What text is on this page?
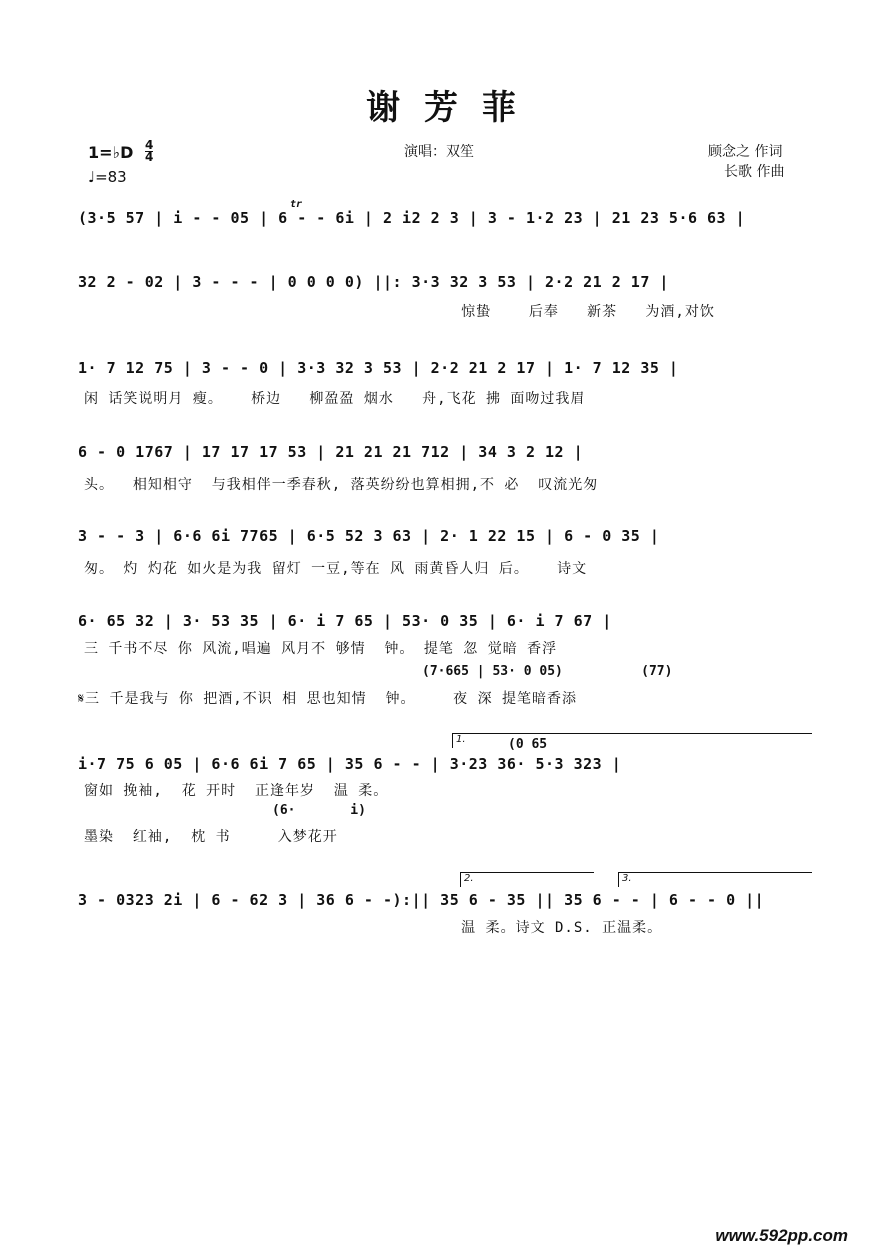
谢 芳 菲
1=♭D 4
4
♩=83
演唱：双笙	顾念之 作词
长歌 作曲
tr
(3·5 57 | i - - 05 | 6 - - 6i | 2 i2 2 3 | 3 - 1·2 23 | 21 23 5·6 63 |
32 2 - 02 | 3 - - - | 0 0 0 0) ||: 3·3 32 3 53 | 2·2 21 2 17 |
惊蛰    后奉   新茶   为酒,对饮
1· 7 12 75 | 3 - - 0 | 3·3 32 3 53 | 2·2 21 2 17 | 1· 7 12 35 |
闲 话笑说明月 瘦。   桥边   柳盈盈 烟水   舟,飞花 拂 面吻过我眉
6 - 0 1767 | 17 17 17 53 | 21 21 21 712 | 34 3 2 12 |
头。  相知相守  与我相伴一季春秋, 落英纷纷也算相拥,不 必  叹流光匆
3 - - 3 | 6·6 6i 7765 | 6·5 52 3 63 | 2· 1 22 15 | 6 - 0 35 |
匆。 灼 灼花 如火是为我 留灯 一豆,等在 风 雨黄昏人归 后。   诗文
6· 65 32 | 3· 53 35 | 6· i 7 65 | 53· 0 35 | 6· i 7 67 |
三 千书不尽 你 风流,唱遍 风月不 够情  钟。 提笔 忽 觉暗 香浮
(7·665 | 53· 0 05)          (77)
𝄋三 千是我与 你 把酒,不识 相 思也知情  钟。    夜 深 提笔暗香添
1.	(0 65
i·7 75 6 05 | 6·6 6i 7 65 | 35 6 - - | 3·23 36· 5·3 323 |
窗如 挽袖,  花 开时  正逢年岁  温 柔。
(6·       i)
墨染  红袖,  枕 书     入梦花开
2.	3.
3 - 0323 2i | 6 - 62 3 | 36 6 - -):|| 35 6 - 35 || 35 6 - - | 6 - - 0 ||
温 柔。诗文 D.S. 正温柔。
www.592pp.com
